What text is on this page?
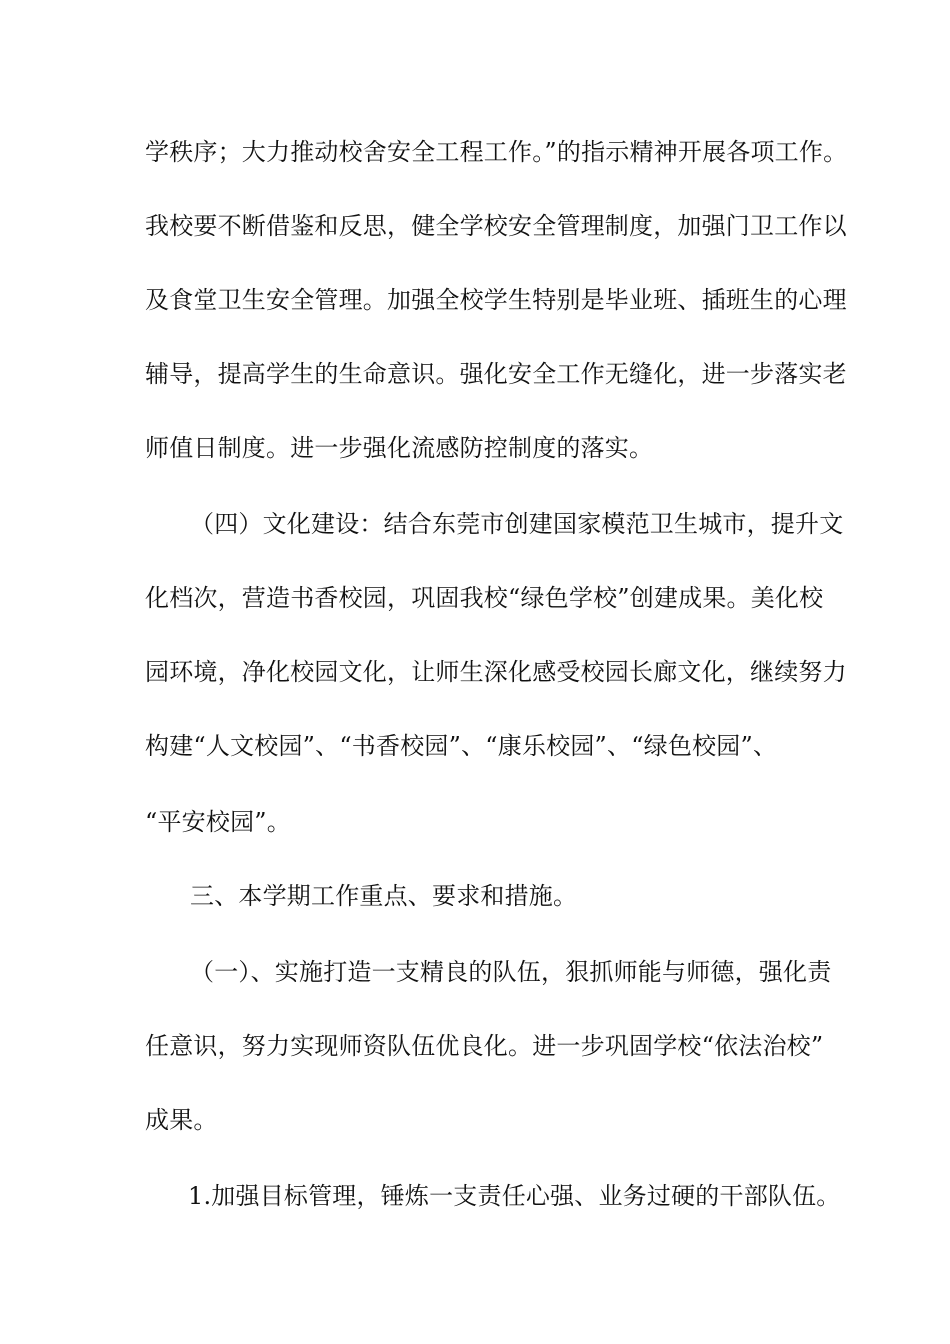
学秩序；大力推动校舍安全工程工作。”的指示精神开展各项工作。
我校要不断借鉴和反思，健全学校安全管理制度，加强门卫工作以
及食堂卫生安全管理。加强全校学生特别是毕业班、插班生的心理
辅导，提高学生的生命意识。强化安全工作无缝化，进一步落实老
师值日制度。进一步强化流感防控制度的落实。
（四）文化建设：结合东莞市创建国家模范卫生城市，提升文
化档次，营造书香校园，巩固我校“绿色学校”创建成果。美化校
园环境，净化校园文化，让师生深化感受校园长廊文化，继续努力
构建“人文校园”、“书香校园”、“康乐校园”、“绿色校园”、
“平安校园”。
三、本学期工作重点、要求和措施。
（一）、实施打造一支精良的队伍，狠抓师能与师德，强化责
任意识，努力实现师资队伍优良化。进一步巩固学校“依法治校”
成果。
1.加强目标管理，锤炼一支责任心强、业务过硬的干部队伍。
